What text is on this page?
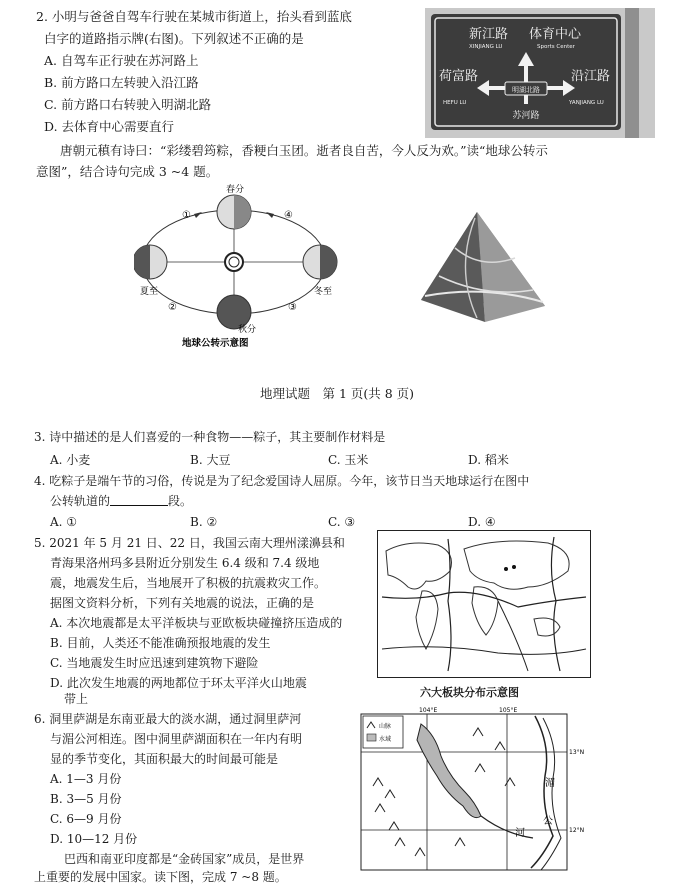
2. 小明与爸爸自驾车行驶在某城市街道上，抬头看到蓝底
白字的道路指示牌(右图)。下列叙述不正确的是
A. 自驾车正行驶在苏河路上
B. 前方路口左转驶入沿江路
C. 前方路口右转驶入明湖北路
D. 去体育中心需要直行
明湖北路
新江路
XINJIANG LU
体育中心
Sports Center
荷富路
HEFU LU
沿江路
YANJIANG LU
苏河路
唐朝元稹有诗曰：“彩缕碧筠粽，香粳白玉团。逝者良自苦，今人反为欢。”读“地球公转示
意图”，结合诗句完成 3 ~4 题。
春分
夏至	冬至
秋分
①	④
②	③
地球公转示意图
地理试题　第 1 页(共 8 页)
3. 诗中描述的是人们喜爱的一种食物——粽子，其主要制作材料是
A. 小麦	B. 大豆	C. 玉米	D. 稻米
4. 吃粽子是端午节的习俗，传说是为了纪念爱国诗人屈原。今年，该节日当天地球运行在图中
公转轨道的	段。
A. ①	B. ②	C. ③	D. ④
5. 2021 年 5 月 21 日、22 日，我国云南大理州漾濞县和
青海果洛州玛多县附近分别发生 6.4 级和 7.4 级地
震，地震发生后，当地展开了积极的抗震救灾工作。
据图文资料分析，下列有关地震的说法，正确的是
A. 本次地震都是太平洋板块与亚欧板块碰撞挤压造成的
B. 目前，人类还不能准确预报地震的发生
C. 当地震发生时应迅速到建筑物下避险
D. 此次发生地震的两地都位于环太平洋火山地震
带上	六大板块分布示意图
6. 洞里萨湖是东南亚最大的淡水湖，通过洞里萨河
与湄公河相连。图中洞里萨湖面积在一年内有明
显的季节变化，其面积最大的时间最可能是
A. 1—3 月份
B. 3—5 月份
C. 6—9 月份
D. 10—12 月份
104°E	105°E
13°N
12°N
山脉
水域
湄
公
河
巴西和南亚印度都是“金砖国家”成员，是世界
上重要的发展中国家。读下图，完成 7 ~8 题。
